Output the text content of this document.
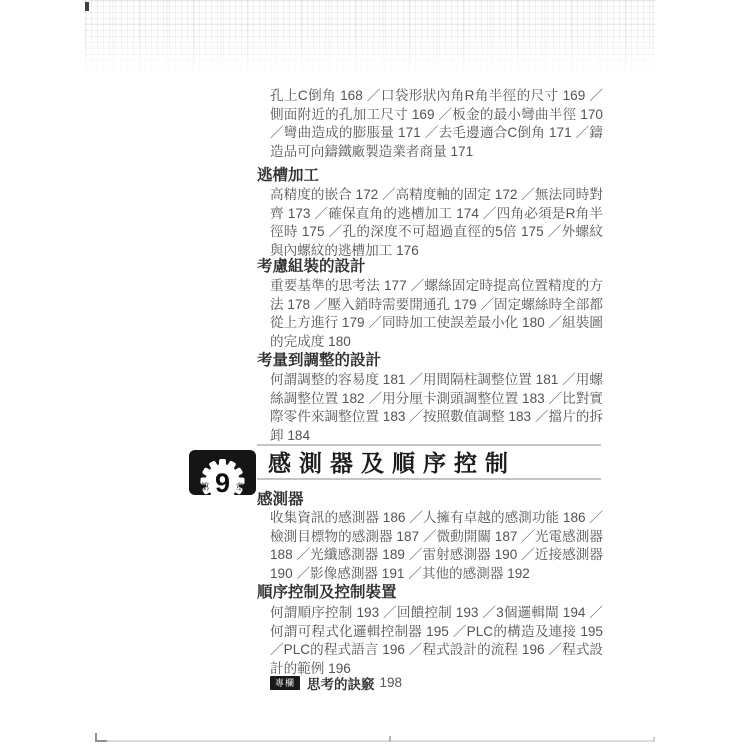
孔上C倒角 168 ／口袋形狀內角R角半徑的尺寸 169 ／側面附近的孔加工尺寸 169 ／板金的最小彎曲半徑 170 ／彎曲造成的膨脹量 171 ／去毛邊適合C倒角 171 ／鑄造品可向鑄鐵廠製造業者商量 171
逃槽加工
高精度的嵌合 172 ／高精度軸的固定 172 ／無法同時對齊 173 ／確保直角的逃槽加工 174 ／四角必須是R角半徑時 175 ／孔的深度不可超過直徑的5倍 175 ／外螺紋與內螺紋的逃槽加工 176
考慮組裝的設計
重要基準的思考法 177 ／螺絲固定時提高位置精度的方法 178 ／壓入銷時需要開通孔 179 ／固定螺絲時全部都從上方進行 179 ／同時加工使誤差最小化 180 ／組裝圖的完成度 180
考量到調整的設計
何謂調整的容易度 181 ／用間隔柱調整位置 181 ／用螺絲調整位置 182 ／用分厘卡測頭調整位置 183 ／比對實際零件來調整位置 183 ／按照數值調整 183 ／擋片的拆卸 184
第 9 章
感測器及順序控制
感測器
收集資訊的感測器 186 ／人擁有卓越的感測功能 186 ／檢測目標物的感測器 187 ／微動開關 187 ／光電感測器 188 ／光纖感測器 189 ／雷射感測器 190 ／近接感測器 190 ／影像感測器 191 ／其他的感測器 192
順序控制及控制裝置
何謂順序控制 193 ／回饋控制 193 ／3個邏輯閘 194 ／何謂可程式化邏輯控制器 195 ／PLC的構造及連接 195 ／PLC的程式語言 196 ／程式設計的流程 196 ／程式設計的範例 196
專欄 思考的訣竅 198
